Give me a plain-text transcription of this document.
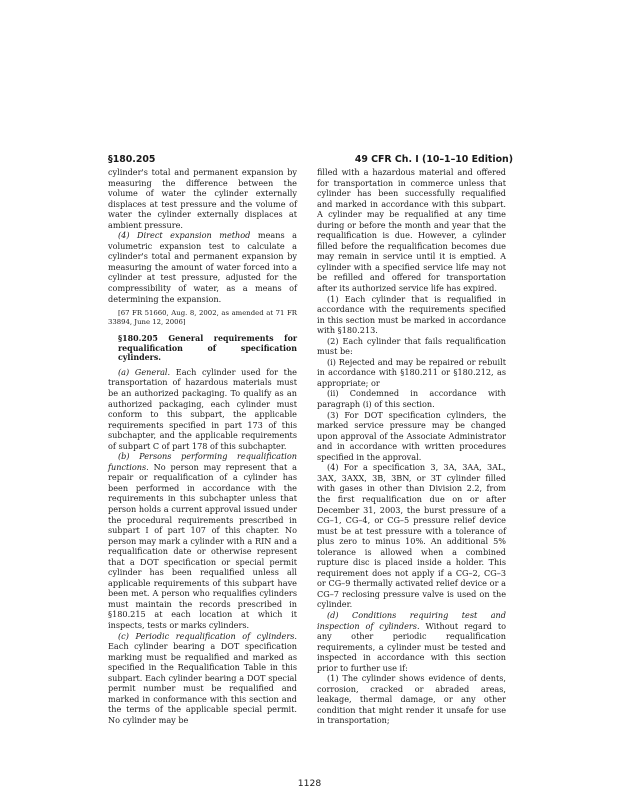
§180.205	49 CFR Ch. I (10–1–10 Edition)

cylinder's total and permanent expansion by measuring the difference between the volume of water the cylinder externally displaces at test pressure and the volume of water the cylinder externally displaces at ambient pressure.

(4) Direct expansion method means a volumetric expansion test to calculate a cylinder's total and permanent expansion by measuring the amount of water forced into a cylinder at test pressure, adjusted for the compressibility of water, as a means of determining the expansion.

[67 FR 51660, Aug. 8, 2002, as amended at 71 FR 33894, June 12, 2006]

§180.205 General requirements for requalification of specification cylinders.

(a) General. Each cylinder used for the transportation of hazardous materials must be an authorized packaging. To qualify as an authorized packaging, each cylinder must conform to this subpart, the applicable requirements specified in part 173 of this subchapter, and the applicable requirements of subpart C of part 178 of this subchapter.

(b) Persons performing requalification functions. No person may represent that a repair or requalification of a cylinder has been performed in accordance with the requirements in this subchapter unless that person holds a current approval issued under the procedural requirements prescribed in subpart I of part 107 of this chapter. No person may mark a cylinder with a RIN and a requalification date or otherwise represent that a DOT specification or special permit cylinder has been requalified unless all applicable requirements of this subpart have been met. A person who requalifies cylinders must maintain the records prescribed in §180.215 at each location at which it inspects, tests or marks cylinders.

(c) Periodic requalification of cylinders. Each cylinder bearing a DOT specification marking must be requalified and marked as specified in the Requalification Table in this subpart. Each cylinder bearing a DOT special permit number must be requalified and marked in conformance with this section and the terms of the applicable special permit. No cylinder may be

filled with a hazardous material and offered for transportation in commerce unless that cylinder has been successfully requalified and marked in accordance with this subpart. A cylinder may be requalified at any time during or before the month and year that the requalification is due. However, a cylinder filled before the requalification becomes due may remain in service until it is emptied. A cylinder with a specified service life may not be refilled and offered for transportation after its authorized service life has expired.

(1) Each cylinder that is requalified in accordance with the requirements specified in this section must be marked in accordance with §180.213.

(2) Each cylinder that fails requalification must be:

(i) Rejected and may be repaired or rebuilt in accordance with §180.211 or §180.212, as appropriate; or

(ii) Condemned in accordance with paragraph (i) of this section.

(3) For DOT specification cylinders, the marked service pressure may be changed upon approval of the Associate Administrator and in accordance with written procedures specified in the approval.

(4) For a specification 3, 3A, 3AA, 3AL, 3AX, 3AXX, 3B, 3BN, or 3T cylinder filled with gases in other than Division 2.2, from the first requalification due on or after December 31, 2003, the burst pressure of a CG–1, CG–4, or CG–5 pressure relief device must be at test pressure with a tolerance of plus zero to minus 10%. An additional 5% tolerance is allowed when a combined rupture disc is placed inside a holder. This requirement does not apply if a CG–2, CG–3 or CG–9 thermally activated relief device or a CG–7 reclosing pressure valve is used on the cylinder.

(d) Conditions requiring test and inspection of cylinders. Without regard to any other periodic requalification requirements, a cylinder must be tested and inspected in accordance with this section prior to further use if:

(1) The cylinder shows evidence of dents, corrosion, cracked or abraded areas, leakage, thermal damage, or any other condition that might render it unsafe for use in transportation;

1128
